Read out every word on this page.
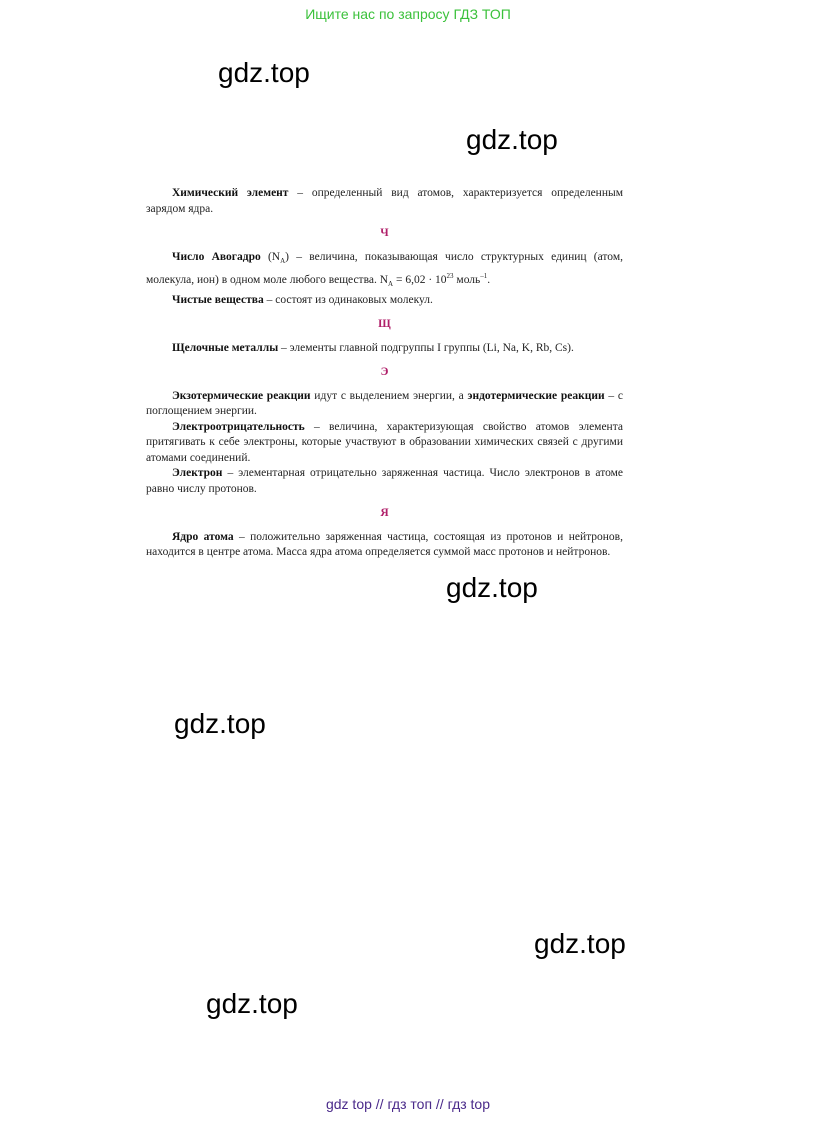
Ищите нас по запросу ГДЗ ТОП
gdz.top
gdz.top
gdz.top
gdz.top
gdz.top
gdz.top

Химический элемент – определенный вид атомов, характеризуется определенным зарядом ядра.

Ч

Число Авогадро $(N_A)$ – величина, показывающая число структурных единиц (атом, молекула, ион) в одном моле любого вещества. $N_A = 6,02 \cdot 10^{23}$ моль$^{-1}$.

Чистые вещества – состоят из одинаковых молекул.

Щ

Щелочные металлы – элементы главной подгруппы I группы (Li, Na, K, Rb, Cs).

Э

Экзотермические реакции идут с выделением энергии, а эндотермические реакции – с поглощением энергии.

Электроотрицательность – величина, характеризующая свойство атомов элемента притягивать к себе электроны, которые участвуют в образовании химических связей с другими атомами соединений.

Электрон – элементарная отрицательно заряженная частица. Число электронов в атоме равно числу протонов.

Я

Ядро атома – положительно заряженная частица, состоящая из протонов и нейтронов, находится в центре атома. Масса ядра атома определяется суммой масс протонов и нейтронов.

gdz top // гдз топ // гдз top
